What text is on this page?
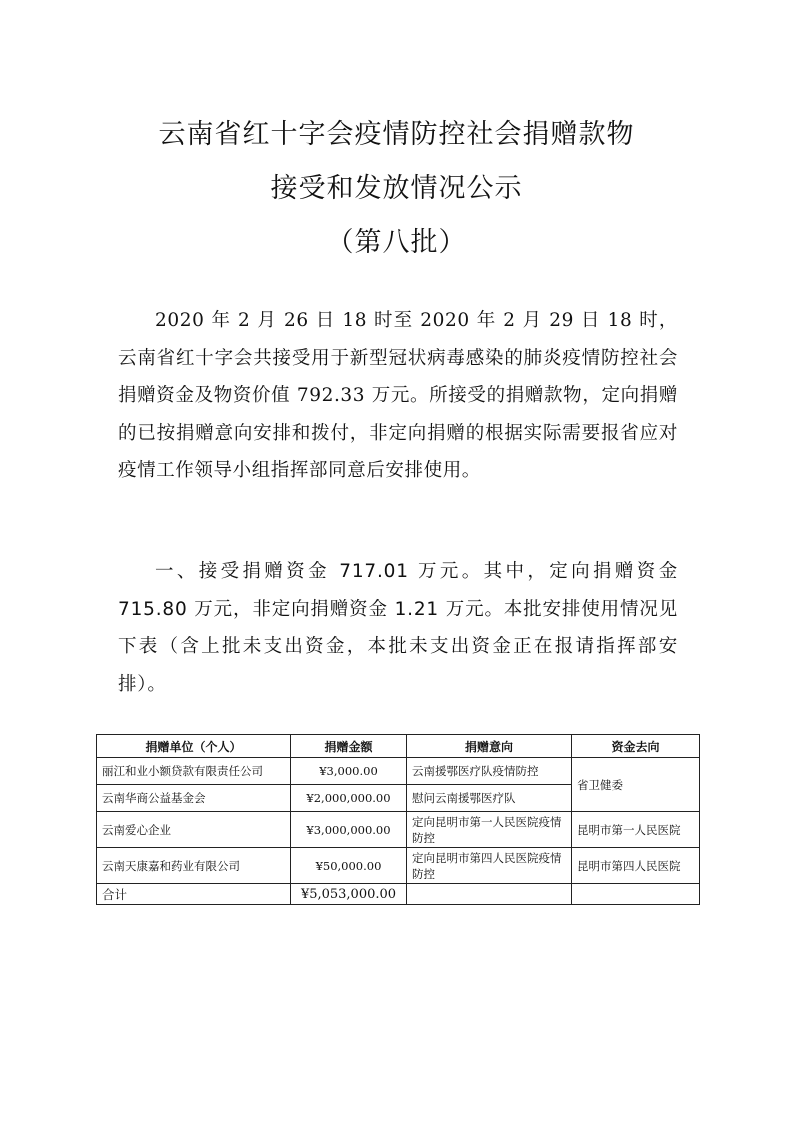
云南省红十字会疫情防控社会捐赠款物
接受和发放情况公示
（第八批）

2020 年 2 月 26 日 18 时至 2020 年 2 月 29 日 18 时，云南省红十字会共接受用于新型冠状病毒感染的肺炎疫情防控社会捐赠资金及物资价值 792.33 万元。所接受的捐赠款物，定向捐赠的已按捐赠意向安排和拨付，非定向捐赠的根据实际需要报省应对疫情工作领导小组指挥部同意后安排使用。

一、接受捐赠资金 717.01 万元。其中，定向捐赠资金715.80 万元，非定向捐赠资金 1.21 万元。本批安排使用情况见下表（含上批未支出资金，本批未支出资金正在报请指挥部安排）。

捐赠单位（个人）	捐赠金额	捐赠意向	资金去向
丽江和业小额贷款有限责任公司	¥3,000.00	云南援鄂医疗队疫情防控	省卫健委
云南华商公益基金会	¥2,000,000.00	慰问云南援鄂医疗队	
云南爱心企业	¥3,000,000.00	定向昆明市第一人民医院疫情防控	昆明市第一人民医院
云南天康嘉和药业有限公司	¥50,000.00	定向昆明市第四人民医院疫情防控	昆明市第四人民医院
合计	¥5,053,000.00		
